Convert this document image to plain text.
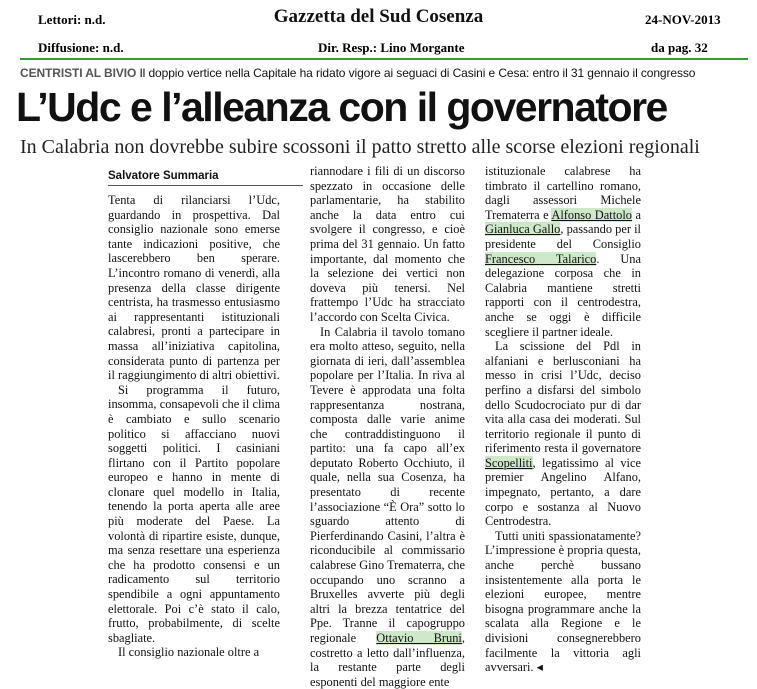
Lettori: n.d.	Gazzetta del Sud Cosenza	24-NOV-2013
Diffusione: n.d.	Dir. Resp.: Lino Morgante	da pag. 32
CENTRISTI AL BIVIO Il doppio vertice nella Capitale ha ridato vigore ai seguaci di Casini e Cesa: entro il 31 gennaio il congresso
L’Udc e l’alleanza con il governatore
In Calabria non dovrebbe subire scossoni il patto stretto alle scorse elezioni regionali
Salvatore Summaria

Tenta di rilanciarsi l’Udc, guardando in prospettiva. Dal consiglio nazionale sono emerse tante indicazioni positive, che lascerebbero ben sperare. L’incontro romano di venerdì, alla presenza della classe dirigente centrista, ha trasmesso entusiasmo ai rappresentanti istituzionali calabresi, pronti a partecipare in massa all’iniziativa capitolina, considerata punto di partenza per il raggiungimento di altri obiettivi.

Si programma il futuro, insomma, consapevoli che il clima è cambiato e sullo scenario politico si affacciano nuovi soggetti politici. I casiniani flirtano con il Partito popolare europeo e hanno in mente di clonare quel modello in Italia, tenendo la porta aperta alle aree più moderate del Paese. La volontà di ripartire esiste, dunque, ma senza resettare una esperienza che ha prodotto consensi e un radicamento sul territorio spendibile a ogni appuntamento elettorale. Poi c’è stato il calo, frutto, probabilmente, di scelte sbagliate.

Il consiglio nazionale oltre a

riannodare i fili di un discorso spezzato in occasione delle parlamentarie, ha stabilito anche la data entro cui svolgere il congresso, e cioè prima del 31 gennaio. Un fatto importante, dal momento che la selezione dei vertici non doveva più tenersi. Nel frattempo l’Udc ha stracciato l’accordo con Scelta Civica.

In Calabria il tavolo tomano era molto atteso, seguito, nella giornata di ieri, dall’assemblea popolare per l’Italia. In riva al Tevere è approdata una folta rappresentanza nostrana, composta dalle varie anime che contraddistinguono il partito: una fa capo all’ex deputato Roberto Occhiuto, il quale, nella sua Cosenza, ha presentato di recente l’associazione “È Ora” sotto lo sguardo attento di Pierferdinando Casini, l’altra è riconducibile al commissario calabrese Gino Trematerra, che occupando uno scranno a Bruxelles avverte più degli altri la brezza tentatrice del Ppe. Tranne il capogruppo regionale Ottavio Bruni, costretto a letto dall’influenza, la restante parte degli esponenti del maggiore ente

istituzionale calabrese ha timbrato il cartellino romano, dagli assessori Michele Trematerra e Alfonso Dattolo a Gianluca Gallo, passando per il presidente del Consiglio Francesco Talarico. Una delegazione corposa che in Calabria mantiene stretti rapporti con il centrodestra, anche se oggi è difficile scegliere il partner ideale.

La scissione del Pdl in alfaniani e berlusconiani ha messo in crisi l’Udc, deciso perfino a disfarsi del simbolo dello Scudocrociato pur di dar vita alla casa dei moderati. Sul territorio regionale il punto di riferimento resta il governatore Scopelliti, legatissimo al vice premier Angelino Alfano, impegnato, pertanto, a dare corpo e sostanza al Nuovo Centrodestra.

Tutti uniti spassionatamente? L’impressione è propria questa, anche perchè bussano insistentemente alla porta le elezioni europee, mentre bisogna programmare anche la scalata alla Regione e le divisioni consegnerebbero facilmente la vittoria agli avversari. ◂
